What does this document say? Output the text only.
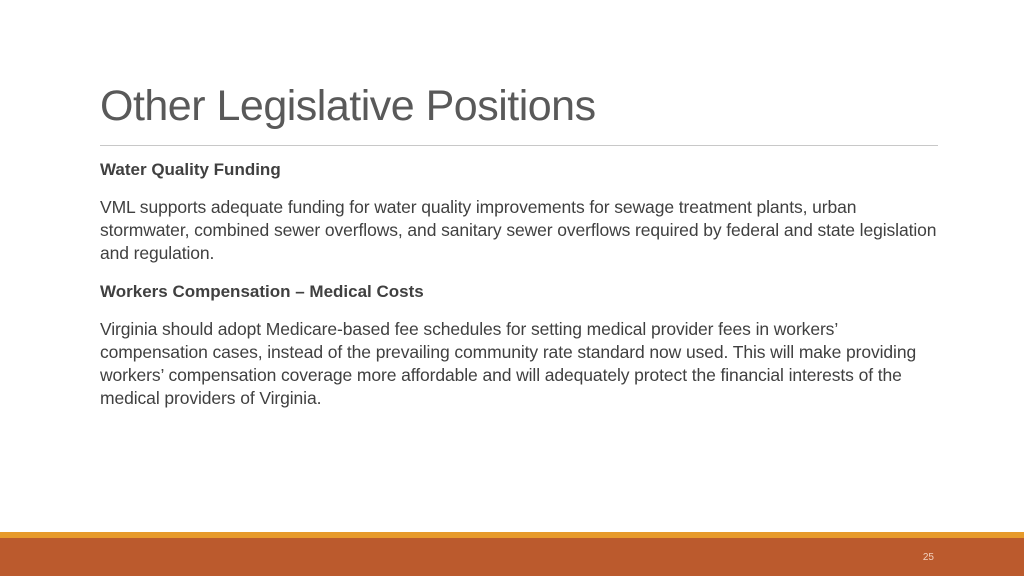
Other Legislative Positions
Water Quality Funding
VML supports adequate funding for water quality improvements for sewage treatment plants, urban stormwater, combined sewer overflows, and sanitary sewer overflows required by federal and state legislation and regulation.
Workers Compensation – Medical Costs
Virginia should adopt Medicare-based fee schedules for setting medical provider fees in workers’ compensation cases, instead of the prevailing community rate standard now used. This will make providing workers’ compensation coverage more affordable and will adequately protect the financial interests of the medical providers of Virginia.
25
